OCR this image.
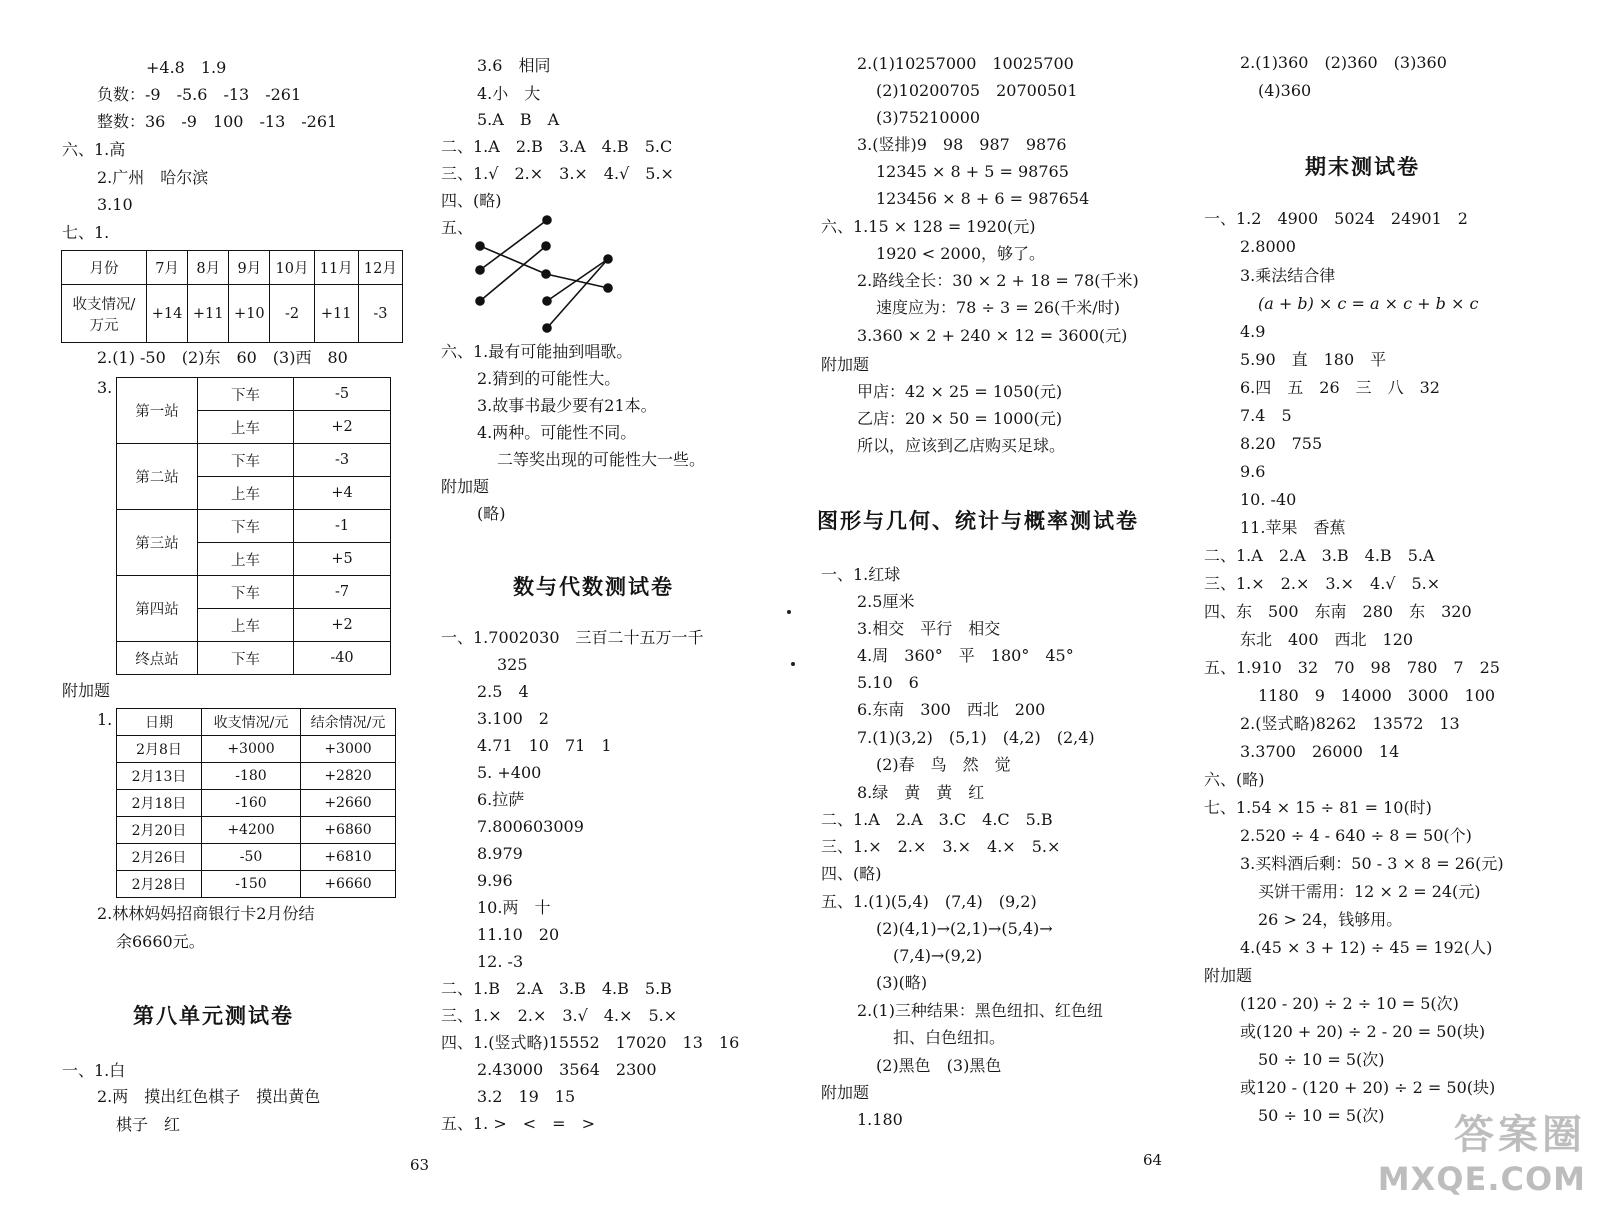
+4.8　1.9
负数：-9　-5.6　-13　-261
整数：36　-9　100　-13　-261
六、1.高
2.广州　哈尔滨
3.10
七、1.
月份	7月	8月	9月	10月	11月	12月
收支情况/
万元	+14	+11	+10	-2	+11	-3
2.(1) -50　(2)东　60　(3)西　80
3.
第一站	下车	-5
	上车	+2
第二站	下车	-3
	上车	+4
第三站	下车	-1
	上车	+5
第四站	下车	-7
	上车	+2
终点站	下车	-40
附加题
1. 日期	收支情况/元	结余情况/元
2月8日	+3000	+3000
2月13日	-180	+2820
2月18日	-160	+2660
2月20日	+4200	+6860
2月26日	-50	+6810
2月28日	-150	+6660
2.林林妈妈招商银行卡2月份结
余6660元。
第八单元测试卷
一、1.白
2.两　摸出红色棋子　摸出黄色
棋子　红
3.6　相同
4.小　大
5.A　B　A
二、1.A　2.B　3.A　4.B　5.C
三、1.√　2.×　3.×　4.√　5.×
四、(略)
五、
六、1.最有可能抽到唱歌。
2.猜到的可能性大。
3.故事书最少要有21本。
4.两种。可能性不同。
二等奖出现的可能性大一些。
附加题
(略)
数与代数测试卷
一、1.7002030　三百二十五万一千
325
2.5　4
3.100　2
4.71　10　71　1
5. +400
6.拉萨
7.800603009
8.979
9.96
10.两　十
11.10　20
12. -3
二、1.B　2.A　3.B　4.B　5.B
三、1.×　2.×　3.√　4.×　5.×
四、1.(竖式略)15552　17020　13　16
2.43000　3564　2300
3.2　19　15
五、1. >　<　=　>
63
2.(1)10257000　10025700
(2)10200705　20700501
(3)75210000
3.(竖排)9　98　987　9876
12345 × 8 + 5 = 98765
123456 × 8 + 6 = 987654
六、1.15 × 128 = 1920(元)
1920 < 2000，够了。
2.路线全长：30 × 2 + 18 = 78(千米)
速度应为：78 ÷ 3 = 26(千米/时)
3.360 × 2 + 240 × 12 = 3600(元)
附加题
甲店：42 × 25 = 1050(元)
乙店：20 × 50 = 1000(元)
所以，应该到乙店购买足球。
图形与几何、统计与概率测试卷
一、1.红球
2.5厘米
3.相交　平行　相交
4.周　360°　平　180°　45°
5.10　6
6.东南　300　西北　200
7.(1)(3,2)　(5,1)　(4,2)　(2,4)
(2)春　鸟　然　觉
8.绿　黄　黄　红
二、1.A　2.A　3.C　4.C　5.B
三、1.×　2.×　3.×　4.×　5.×
四、(略)
五、1.(1)(5,4)　(7,4)　(9,2)
(2)(4,1)→(2,1)→(5,4)→
(7,4)→(9,2)
(3)(略)
2.(1)三种结果：黑色纽扣、红色纽
扣、白色纽扣。
(2)黑色　(3)黑色
附加题
1.180
64
2.(1)360　(2)360　(3)360
(4)360
期末测试卷
一、1.2　4900　5024　24901　2
2.8000
3.乘法结合律
(a + b) × c = a × c + b × c
4.9
5.90　直　180　平
6.四　五　26　三　八　32
7.4　5
8.20　755
9.6
10. -40
11.苹果　香蕉
二、1.A　2.A　3.B　4.B　5.A
三、1.×　2.×　3.×　4.√　5.×
四、东　500　东南　280　东　320
东北　400　西北　120
五、1.910　32　70　98　780　7　25
1180　9　14000　3000　100
2.(竖式略)8262　13572　13
3.3700　26000　14
六、(略)
七、1.54 × 15 ÷ 81 = 10(时)
2.520 ÷ 4 - 640 ÷ 8 = 50(个)
3.买料酒后剩：50 - 3 × 8 = 26(元)
买饼干需用：12 × 2 = 24(元)
26 > 24，钱够用。
4.(45 × 3 + 12) ÷ 45 = 192(人)
附加题
(120 - 20) ÷ 2 ÷ 10 = 5(次)
或(120 + 20) ÷ 2 - 20 = 50(块)
50 ÷ 10 = 5(次)
或120 - (120 + 20) ÷ 2 = 50(块)
50 ÷ 10 = 5(次) 答案圈
MXQE.COM
